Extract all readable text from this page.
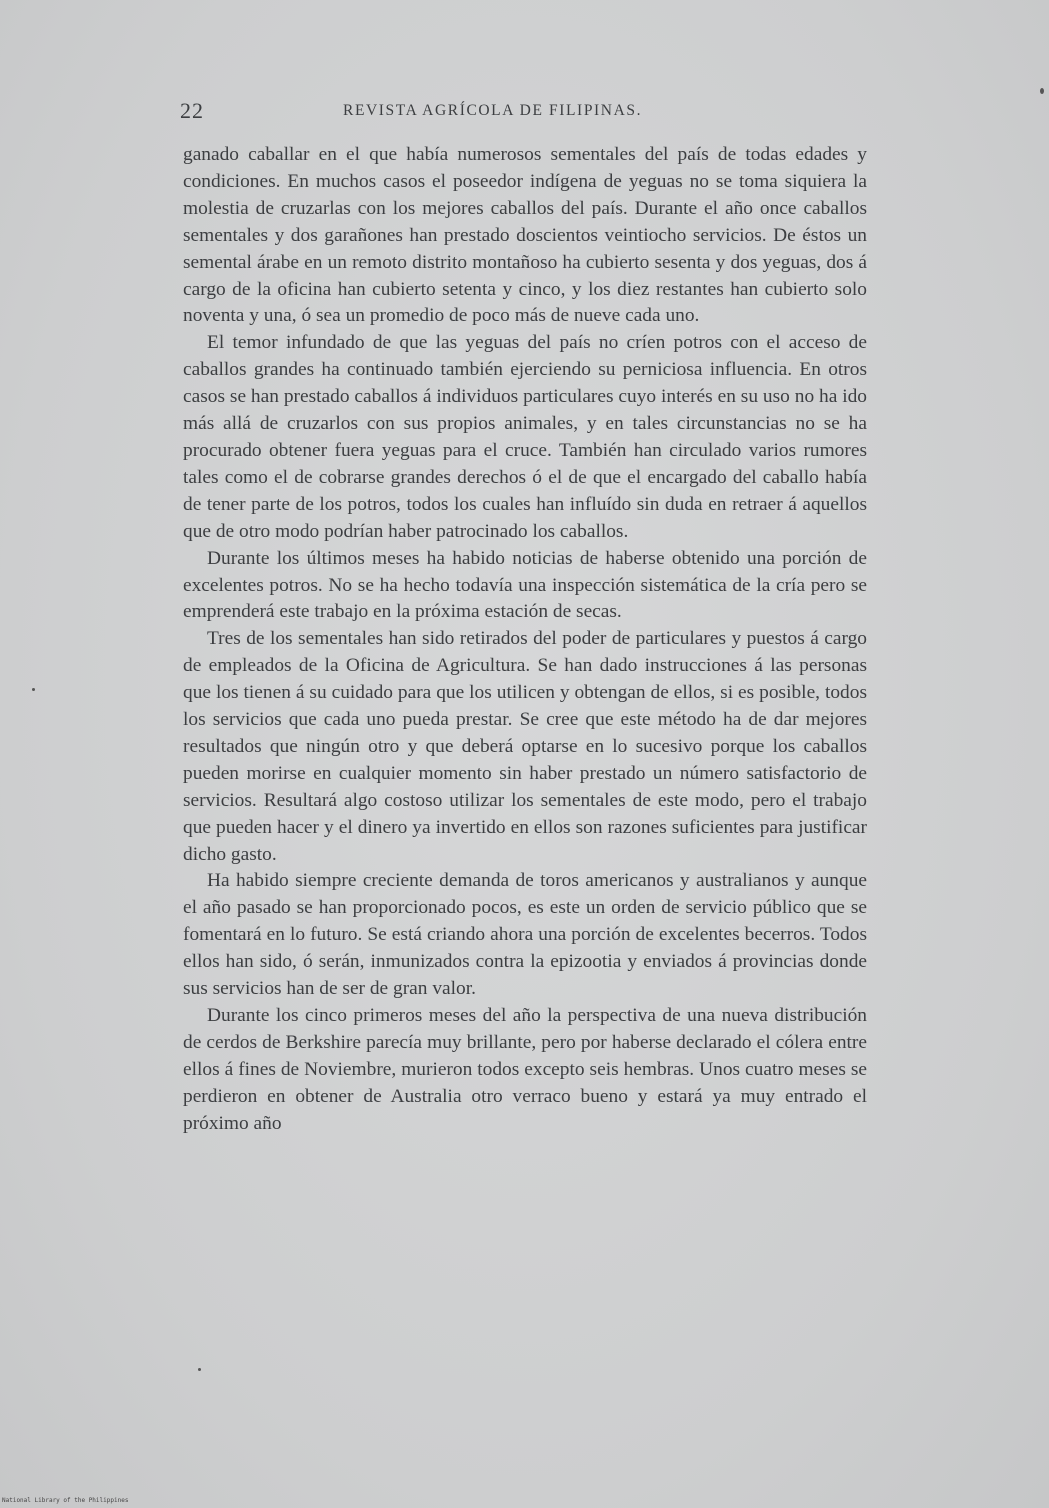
22	REVISTA AGRÍCOLA DE FILIPINAS.

ganado caballar en el que había numerosos sementales del país de todas edades y condiciones. En muchos casos el poseedor indígena de yeguas no se toma siquiera la molestia de cruzarlas con los mejores caballos del país. Durante el año once caballos sementales y dos garañones han prestado doscientos veintiocho servicios. De éstos un semental árabe en un remoto distrito montañoso ha cubierto sesenta y dos yeguas, dos á cargo de la oficina han cubierto setenta y cinco, y los diez restantes han cubierto solo noventa y una, ó sea un promedio de poco más de nueve cada uno.

El temor infundado de que las yeguas del país no críen potros con el acceso de caballos grandes ha continuado también ejerciendo su perniciosa influencia. En otros casos se han prestado caballos á individuos particulares cuyo interés en su uso no ha ido más allá de cruzarlos con sus propios animales, y en tales circunstancias no se ha procurado obtener fuera yeguas para el cruce. También han circulado varios rumores tales como el de cobrarse grandes derechos ó el de que el encargado del caballo había de tener parte de los potros, todos los cuales han influído sin duda en retraer á aquellos que de otro modo podrían haber patrocinado los caballos.

Durante los últimos meses ha habido noticias de haberse obtenido una porción de excelentes potros. No se ha hecho todavía una inspección sistemática de la cría pero se emprenderá este trabajo en la próxima estación de secas.

Tres de los sementales han sido retirados del poder de particulares y puestos á cargo de empleados de la Oficina de Agricultura. Se han dado instrucciones á las personas que los tienen á su cuidado para que los utilicen y obtengan de ellos, si es posible, todos los servicios que cada uno pueda prestar. Se cree que este método ha de dar mejores resultados que ningún otro y que deberá optarse en lo sucesivo porque los caballos pueden morirse en cualquier momento sin haber prestado un número satisfactorio de servicios. Resultará algo costoso utilizar los sementales de este modo, pero el trabajo que pueden hacer y el dinero ya invertido en ellos son razones suficientes para justificar dicho gasto.

Ha habido siempre creciente demanda de toros americanos y australianos y aunque el año pasado se han proporcionado pocos, es este un orden de servicio público que se fomentará en lo futuro. Se está criando ahora una porción de excelentes becerros. Todos ellos han sido, ó serán, inmunizados contra la epizootia y enviados á provincias donde sus servicios han de ser de gran valor.

Durante los cinco primeros meses del año la perspectiva de una nueva distribución de cerdos de Berkshire parecía muy brillante, pero por haberse declarado el cólera entre ellos á fines de Noviembre, murieron todos excepto seis hembras. Unos cuatro meses se perdieron en obtener de Australia otro verraco bueno y estará ya muy entrado el próximo año

National Library of the Philippines
